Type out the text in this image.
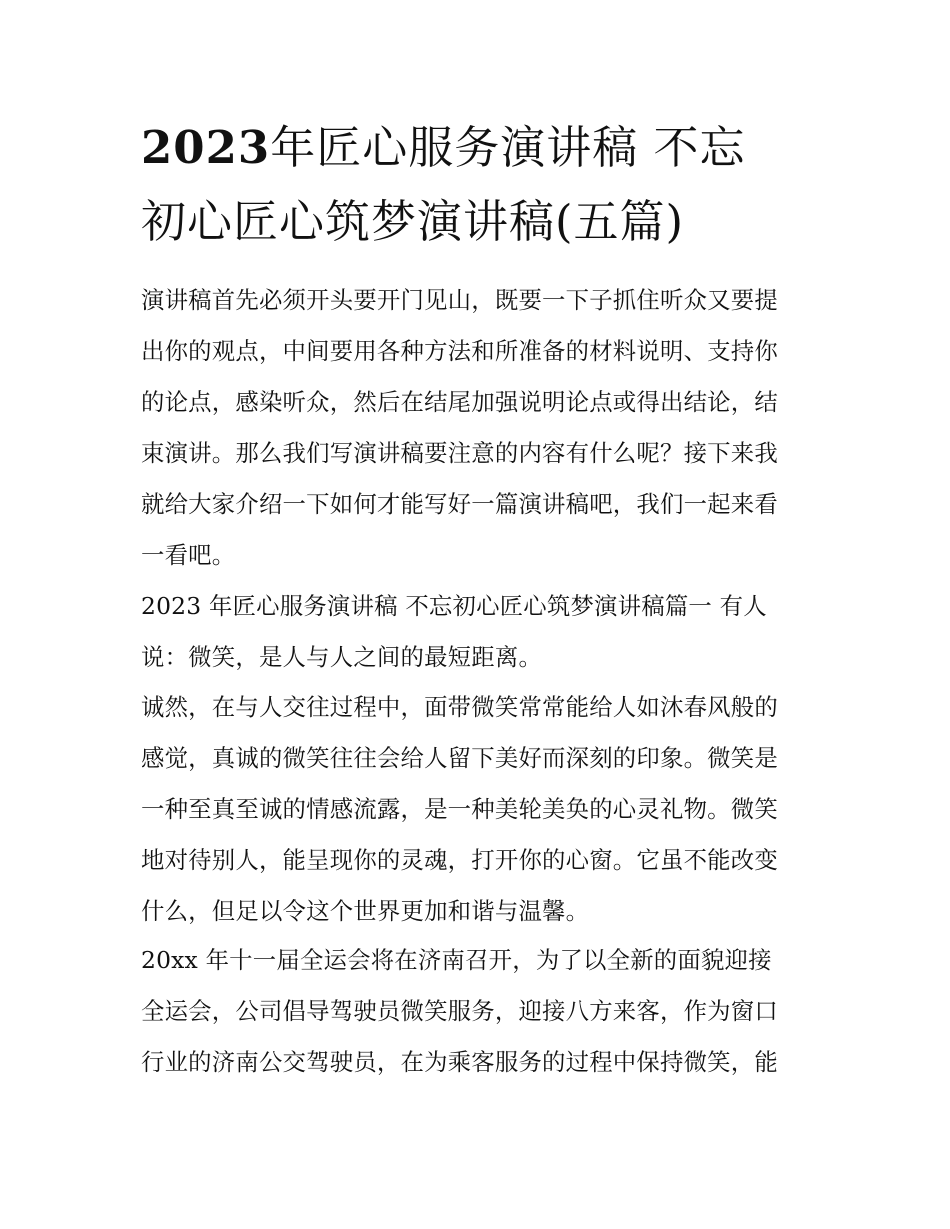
2023年匠心服务演讲稿 不忘
初心匠心筑梦演讲稿(五篇)
演讲稿首先必须开头要开门见山，既要一下子抓住听众又要提
出你的观点，中间要用各种方法和所准备的材料说明、支持你
的论点，感染听众，然后在结尾加强说明论点或得出结论，结
束演讲。那么我们写演讲稿要注意的内容有什么呢？接下来我
就给大家介绍一下如何才能写好一篇演讲稿吧，我们一起来看
一看吧。
2023 年匠心服务演讲稿 不忘初心匠心筑梦演讲稿篇一 有人
说：微笑，是人与人之间的最短距离。
诚然，在与人交往过程中，面带微笑常常能给人如沐春风般的
感觉，真诚的微笑往往会给人留下美好而深刻的印象。微笑是
一种至真至诚的情感流露，是一种美轮美奂的心灵礼物。微笑
地对待别人，能呈现你的灵魂，打开你的心窗。它虽不能改变
什么，但足以令这个世界更加和谐与温馨。
20xx 年十一届全运会将在济南召开，为了以全新的面貌迎接
全运会，公司倡导驾驶员微笑服务，迎接八方来客，作为窗口
行业的济南公交驾驶员，在为乘客服务的过程中保持微笑，能
